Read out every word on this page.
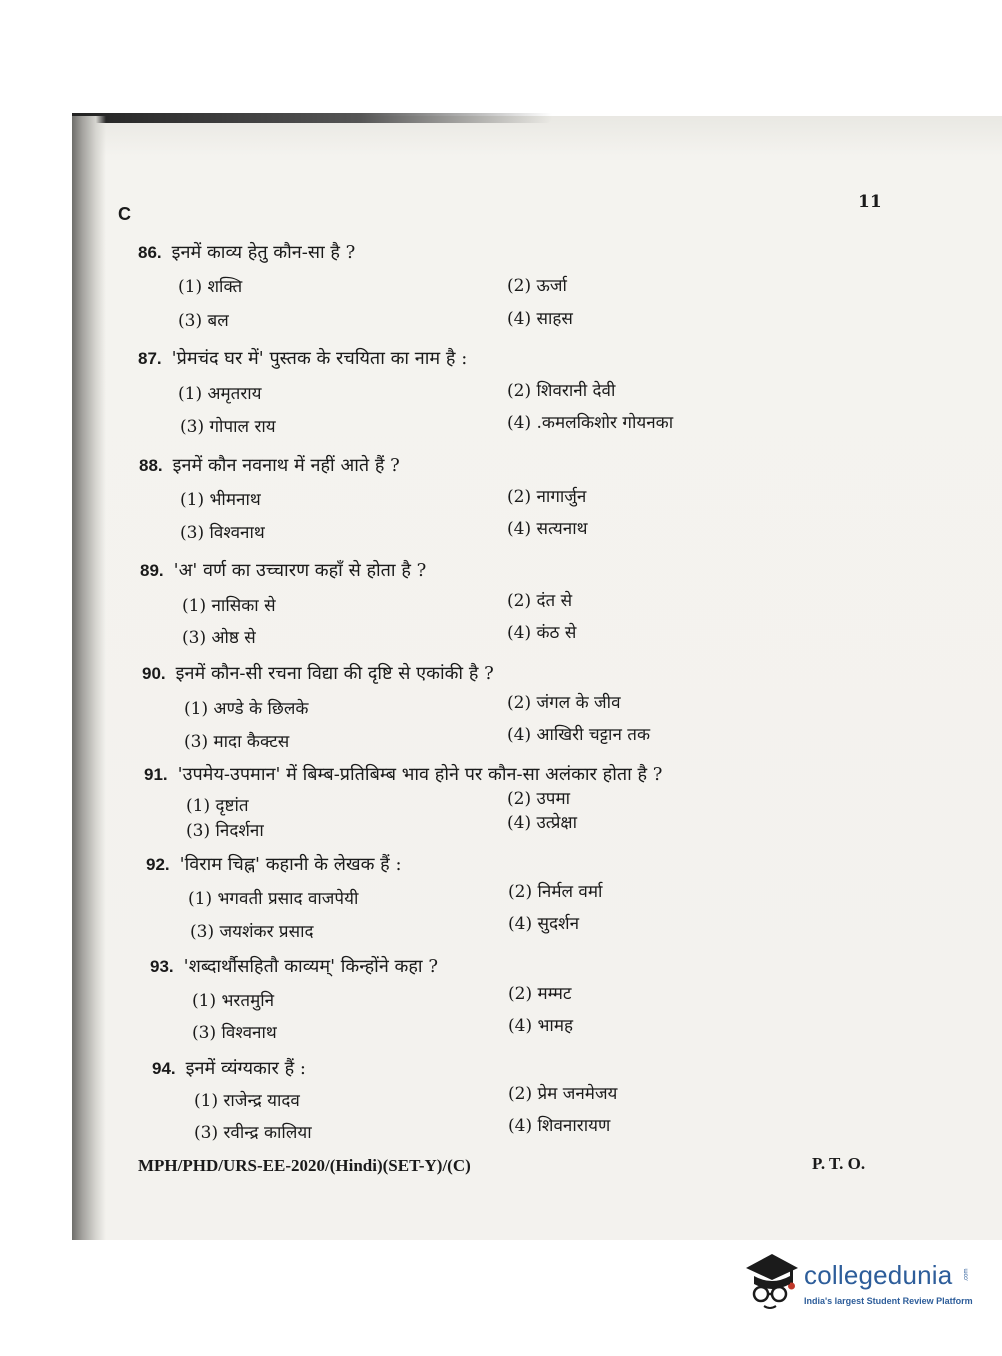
C
11
86. इनमें काव्य हेतु कौन-सा है ?
(1) शक्ति	(2) ऊर्जा
(3) बल	(4) साहस
87. 'प्रेमचंद घर में' पुस्तक के रचयिता का नाम है :
(1) अमृतराय	(2) शिवरानी देवी
(3) गोपाल राय	(4) .कमलकिशोर गोयनका
88. इनमें कौन नवनाथ में नहीं आते हैं ?
(1) भीमनाथ	(2) नागार्जुन
(3) विश्वनाथ	(4) सत्यनाथ
89. 'अ' वर्ण का उच्चारण कहाँ से होता है ?
(1) नासिका से	(2) दंत से
(3) ओष्ठ से	(4) कंठ से
90. इनमें कौन-सी रचना विद्या की दृष्टि से एकांकी है ?
(1) अण्डे के छिलके	(2) जंगल के जीव
(3) मादा कैक्टस	(4) आखिरी चट्टान तक
91. 'उपमेय-उपमान' में बिम्ब-प्रतिबिम्ब भाव होने पर कौन-सा अलंकार होता है ?
(1) दृष्टांत	(2) उपमा
(3) निदर्शना	(4) उत्प्रेक्षा
92. 'विराम चिह्न' कहानी के लेखक हैं :
(1) भगवती प्रसाद वाजपेयी	(2) निर्मल वर्मा
(3) जयशंकर प्रसाद	(4) सुदर्शन
93. 'शब्दार्थौसहितौ काव्यम्' किन्होंने कहा ?
(1) भरतमुनि	(2) मम्मट
(3) विश्वनाथ	(4) भामह
94. इनमें व्यंग्यकार हैं :
(1) राजेन्द्र यादव	(2) प्रेम जनमेजय
(3) रवीन्द्र कालिया	(4) शिवनारायण
MPH/PHD/URS-EE-2020/(Hindi)(SET-Y)/(C)	P. T. O.
collegedunia .com
India's largest Student Review Platform
